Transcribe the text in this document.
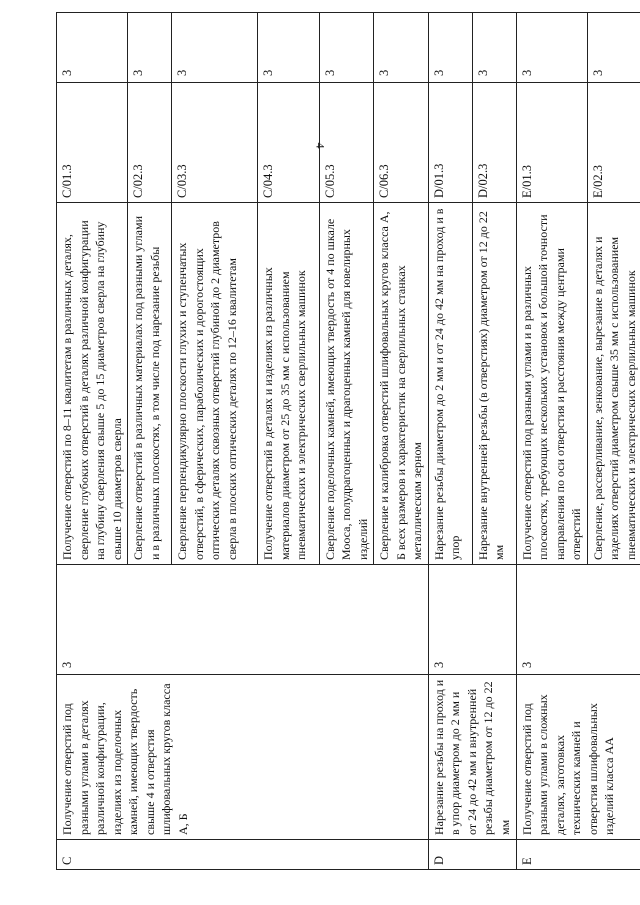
4
C	Получение отверстий под разными углами в деталях различной конфигурации, изделиях из поделочных камней, имеющих твердость свыше 4 и отверстия шлифовальных кругов класса А, Б	3	Получение отверстий по 8–11 квалитетам в различных деталях, сверление глубоких отверстий в деталях различной конфигурации на глубину сверления свыше 5 до 15 диаметров сверла на глубину свыше 10 диаметров сверла	C/01.3	3
			Сверление отверстий в различных материалах под разными углами и в различных плоскостях, в том числе под нарезание резьбы	C/02.3	3
			Сверление перпендикулярно плоскости глухих и ступенчатых отверстий, в сферических, параболических и дорогостоящих оптических деталях сквозных отверстий глубиной до 2 диаметров сверла в плоских оптических деталях по 12–16 квалитетам	C/03.3	3
			Получение отверстий в деталях и изделиях из различных материалов диаметром от 25 до 35 мм с использованием пневматических и электрических сверлильных машинок	C/04.3	3
			Сверление поделочных камней, имеющих твердость от 4 по шкале Мооса, полудрагоценных и драгоценных камней для ювелирных изделий	C/05.3	3
			Сверление и калибровка отверстий шлифовальных кругов класса А, Б всех размеров и характеристик на сверлильных станках металлическим зерном	C/06.3	3
D	Нарезание резьбы на проход и в упор диаметром до 2 мм и от 24 до 42 мм и внутренней резьбы диаметром от 12 до 22 мм	3	Нарезание резьбы диаметром до 2 мм и от 24 до 42 мм на проход и в упор	D/01.3	3
			Нарезание внутренней резьбы (в отверстиях) диаметром от 12 до 22 мм	D/02.3	3
E	Получение отверстий под разными углами в сложных деталях, заготовках технических камней и отверстия шлифовальных изделий класса АА	3	Получение отверстий под разными углами и в различных плоскостях, требующих нескольких установок и большой точности направления по оси отверстия и расстояния между центрами отверстий	E/01.3	3
			Сверление, рассверливание, зенкование, вырезание в деталях и изделиях отверстий диаметром свыше 35 мм с использованием пневматических и электрических сверлильных машинок	E/02.3	3
